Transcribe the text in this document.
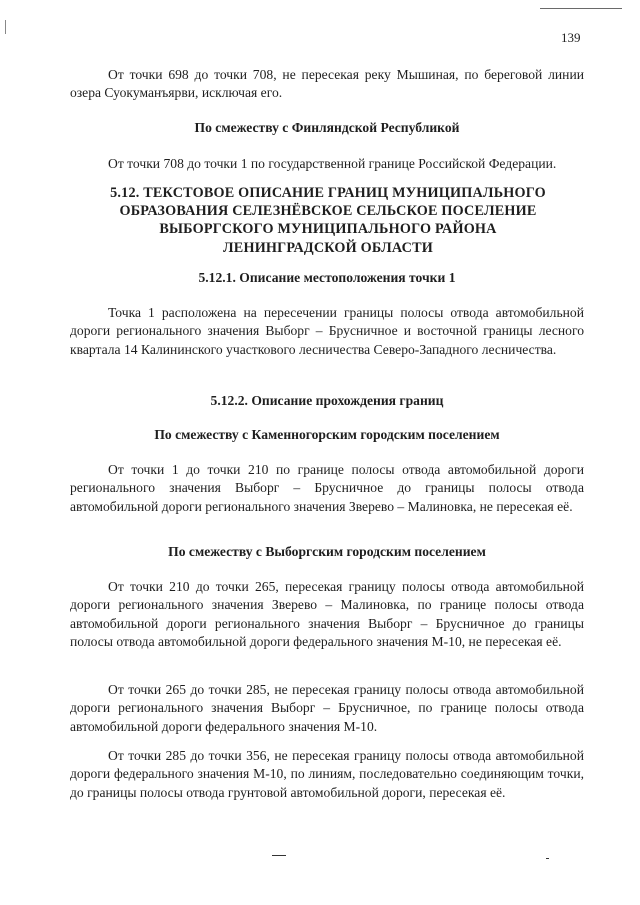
139

От точки 698 до точки 708, не пересекая реку Мышиная, по береговой линии озера Суокуманъярви, исключая его.

По смежеству с Финляндской Республикой

От точки 708 до точки 1 по государственной границе Российской Федерации.

5.12. ТЕКСТОВОЕ ОПИСАНИЕ ГРАНИЦ МУНИЦИПАЛЬНОГО ОБРАЗОВАНИЯ СЕЛЕЗНЁВСКОЕ СЕЛЬСКОЕ ПОСЕЛЕНИЕ ВЫБОРГСКОГО МУНИЦИПАЛЬНОГО РАЙОНА ЛЕНИНГРАДСКОЙ ОБЛАСТИ

5.12.1. Описание местоположения точки 1

Точка 1 расположена на пересечении границы полосы отвода автомобильной дороги регионального значения Выборг – Брусничное и восточной границы лесного квартала 14 Калининского участкового лесничества Северо-Западного лесничества.

5.12.2. Описание прохождения границ

По смежеству с Каменногорским городским поселением

От точки 1 до точки 210 по границе полосы отвода автомобильной дороги регионального значения Выборг – Брусничное до границы полосы отвода автомобильной дороги регионального значения Зверево – Малиновка, не пересекая её.

По смежеству с Выборгским городским поселением

От точки 210 до точки 265, пересекая границу полосы отвода автомобильной дороги регионального значения Зверево – Малиновка, по границе полосы отвода автомобильной дороги регионального значения Выборг – Брусничное до границы полосы отвода автомобильной дороги федерального значения М-10, не пересекая её.

От точки 265 до точки 285, не пересекая границу полосы отвода автомобильной дороги регионального значения Выборг – Брусничное, по границе полосы отвода автомобильной дороги федерального значения М-10.

От точки 285 до точки 356, не пересекая границу полосы отвода автомобильной дороги федерального значения М-10, по линиям, последовательно соединяющим точки, до границы полосы отвода грунтовой автомобильной дороги, пересекая её.
